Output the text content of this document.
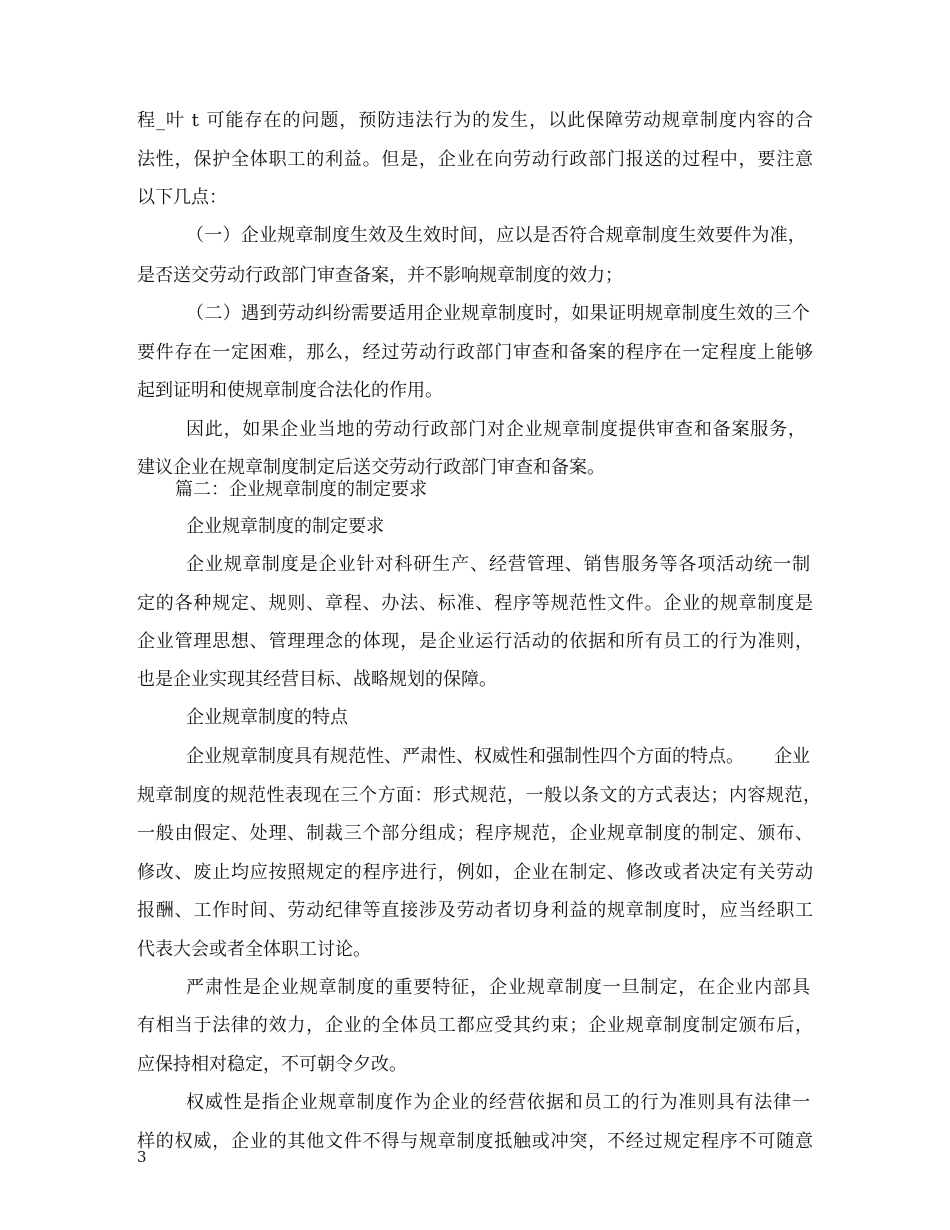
程_叶 t 可能存在的问题，预防违法行为的发生，以此保障劳动规章制度内容的合
法性，保护全体职工的利益。但是，企业在向劳动行政部门报送的过程中，要注意
以下几点：
（一）企业规章制度生效及生效时间，应以是否符合规章制度生效要件为准，
是否送交劳动行政部门审查备案，并不影响规章制度的效力；
（二）遇到劳动纠纷需要适用企业规章制度时，如果证明规章制度生效的三个
要件存在一定困难，那么，经过劳动行政部门审查和备案的程序在一定程度上能够
起到证明和使规章制度合法化的作用。
因此，如果企业当地的劳动行政部门对企业规章制度提供审查和备案服务，
建议企业在规章制度制定后送交劳动行政部门审查和备案。
篇二：企业规章制度的制定要求
企业规章制度的制定要求
企业规章制度是企业针对科研生产、经营管理、销售服务等各项活动统一制
定的各种规定、规则、章程、办法、标准、程序等规范性文件。企业的规章制度是
企业管理思想、管理理念的体现，是企业运行活动的依据和所有员工的行为准则，
也是企业实现其经营目标、战略规划的保障。
企业规章制度的特点
企业规章制度具有规范性、严肃性、权威性和强制性四个方面的特点。 企业
规章制度的规范性表现在三个方面：形式规范，一般以条文的方式表达；内容规范，
一般由假定、处理、制裁三个部分组成；程序规范，企业规章制度的制定、颁布、
修改、废止均应按照规定的程序进行，例如，企业在制定、修改或者决定有关劳动
报酬、工作时间、劳动纪律等直接涉及劳动者切身利益的规章制度时，应当经职工
代表大会或者全体职工讨论。
严肃性是企业规章制度的重要特征，企业规章制度一旦制定，在企业内部具
有相当于法律的效力，企业的全体员工都应受其约束；企业规章制度制定颁布后，
应保持相对稳定，不可朝令夕改。
权威性是指企业规章制度作为企业的经营依据和员工的行为准则具有法律一
样的权威，企业的其他文件不得与规章制度抵触或冲突，不经过规定程序不可随意
3
